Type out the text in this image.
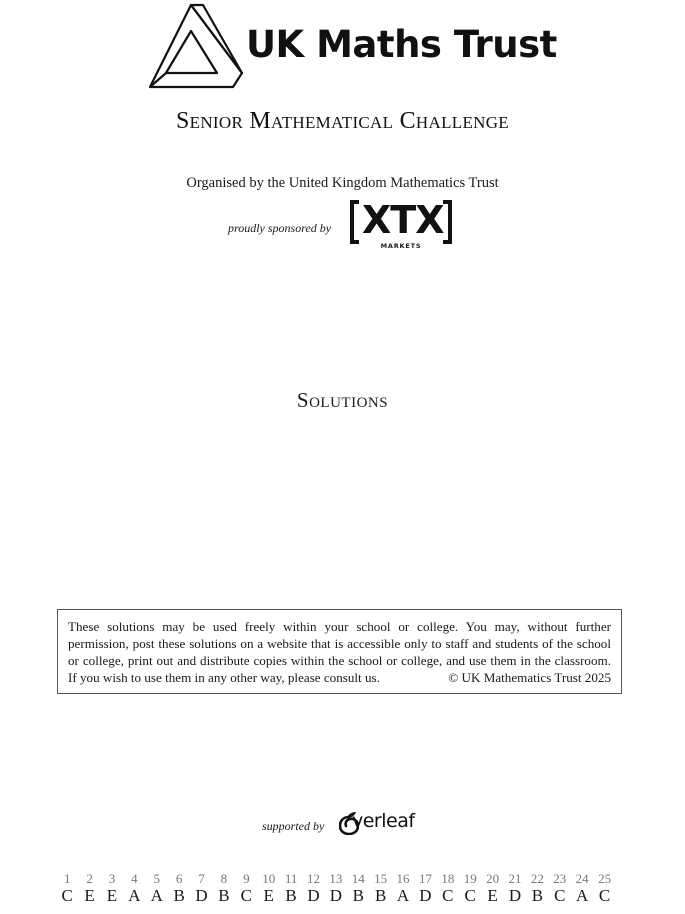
UK Maths Trust
Senior Mathematical Challenge
Organised by the United Kingdom Mathematics Trust
proudly sponsored by XTX
MARKETS
Solutions
These solutions may be used freely within your school or college. You may, without further
permission, post these solutions on a website that is accessible only to staff and students of the school
or college, print out and distribute copies within the school or college, and use them in the classroom.
If you wish to use them in any other way, please consult us.	© UK Mathematics Trust 2025
supported by verleaf
1
C
2
E
3
E
4
A
5
A
6
B
7
D
8
B
9
C
10
E
11
B
12
D
13
D
14
B
15
B
16
A
17
D
18
C
19
C
20
E
21
D
22
B
23
C
24
A
25
C
